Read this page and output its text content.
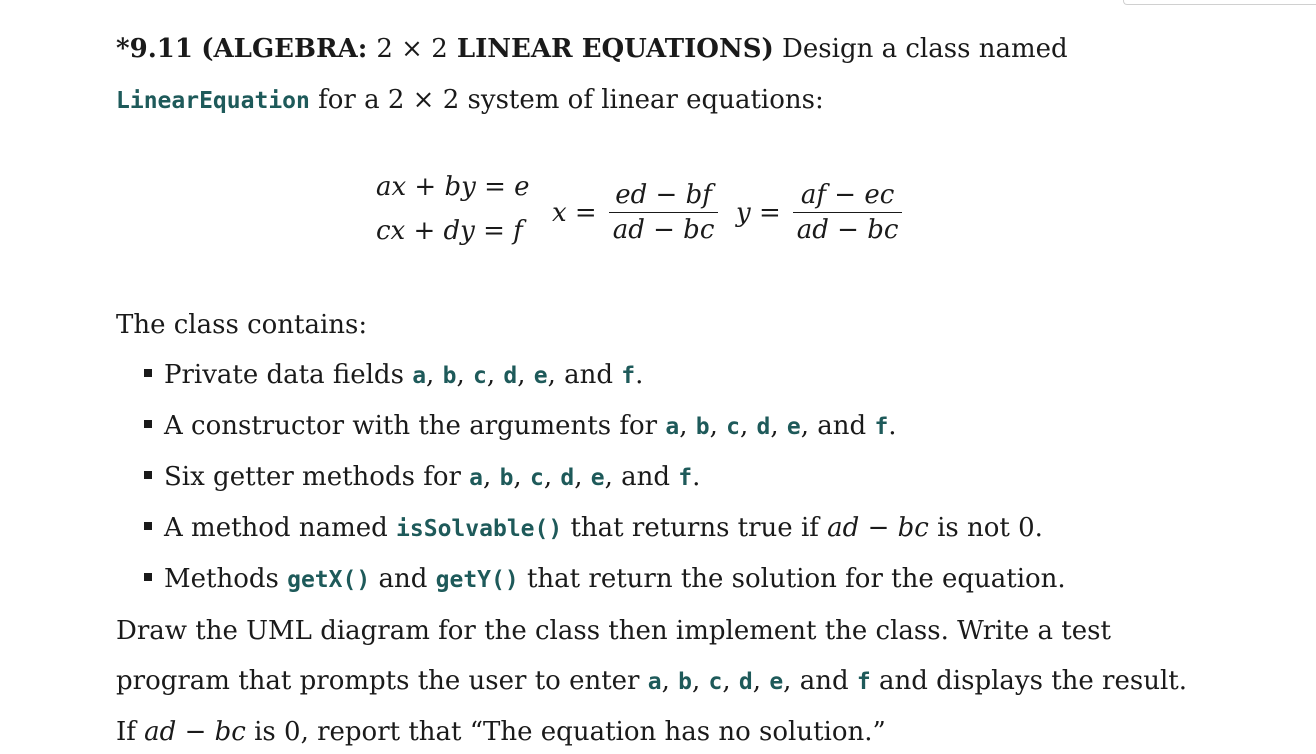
*9.11 (ALGEBRA: 2 × 2 LINEAR EQUATIONS) Design a class named
LinearEquation for a 2 × 2 system of linear equations:
ax + by = e
cx + dy = f
$x = \frac{ed - bf}{ad - bc}$ $y = \frac{af - ec}{ad - bc}$
The class contains:
Private data fields a, b, c, d, e, and f.
A constructor with the arguments for a, b, c, d, e, and f.
Six getter methods for a, b, c, d, e, and f.
A method named isSolvable() that returns true if ad − bc is not 0.
Methods getX() and getY() that return the solution for the equation.
Draw the UML diagram for the class then implement the class. Write a test
program that prompts the user to enter a, b, c, d, e, and f and displays the result.
If ad − bc is 0, report that “The equation has no solution.”
